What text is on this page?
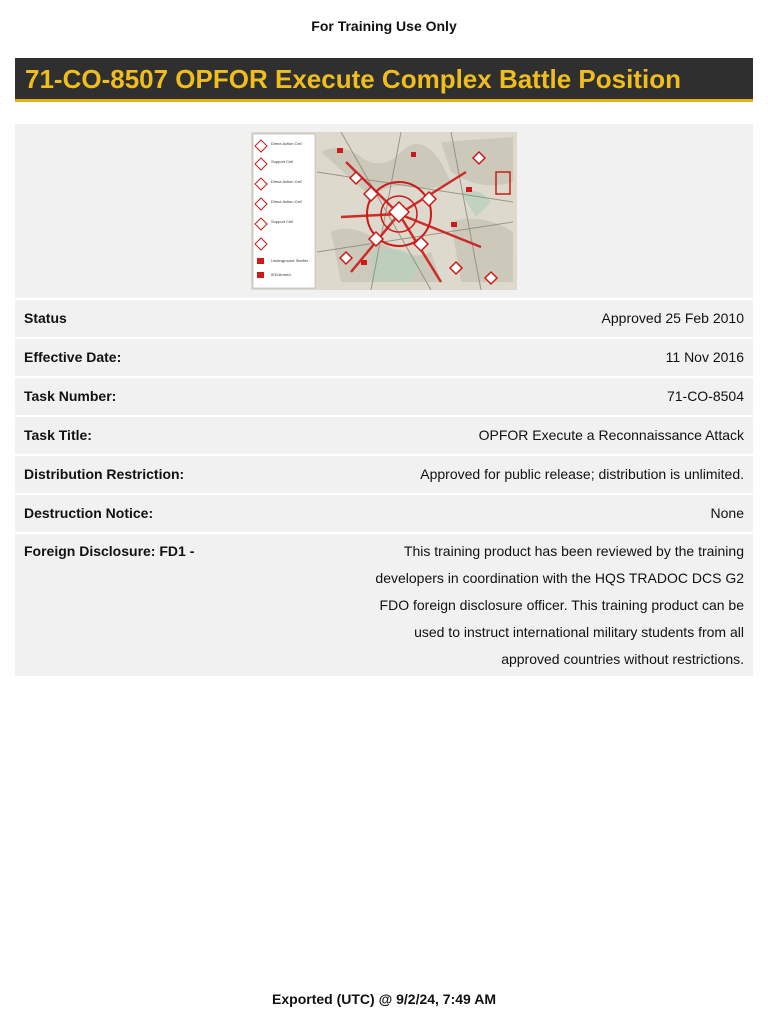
For Training Use Only
71-CO-8507 OPFOR Execute Complex Battle Position
Direct Action Cell
Support Cell
Direct Action Cell
Direct Action Cell
Support Cell
Underground Shelter
IED/Armed
Status	Approved 25 Feb 2010
Effective Date:	11 Nov 2016
Task Number:	71-CO-8504
Task Title:	OPFOR Execute a Reconnaissance Attack
Distribution Restriction:	Approved for public release; distribution is unlimited.
Destruction Notice:	None
Foreign Disclosure: FD1 -	This training product has been reviewed by the training developers in coordination with the HQS TRADOC DCS G2 FDO foreign disclosure officer. This training product can be used to instruct international military students from all approved countries without restrictions.
Exported (UTC) @ 9/2/24, 7:49 AM
